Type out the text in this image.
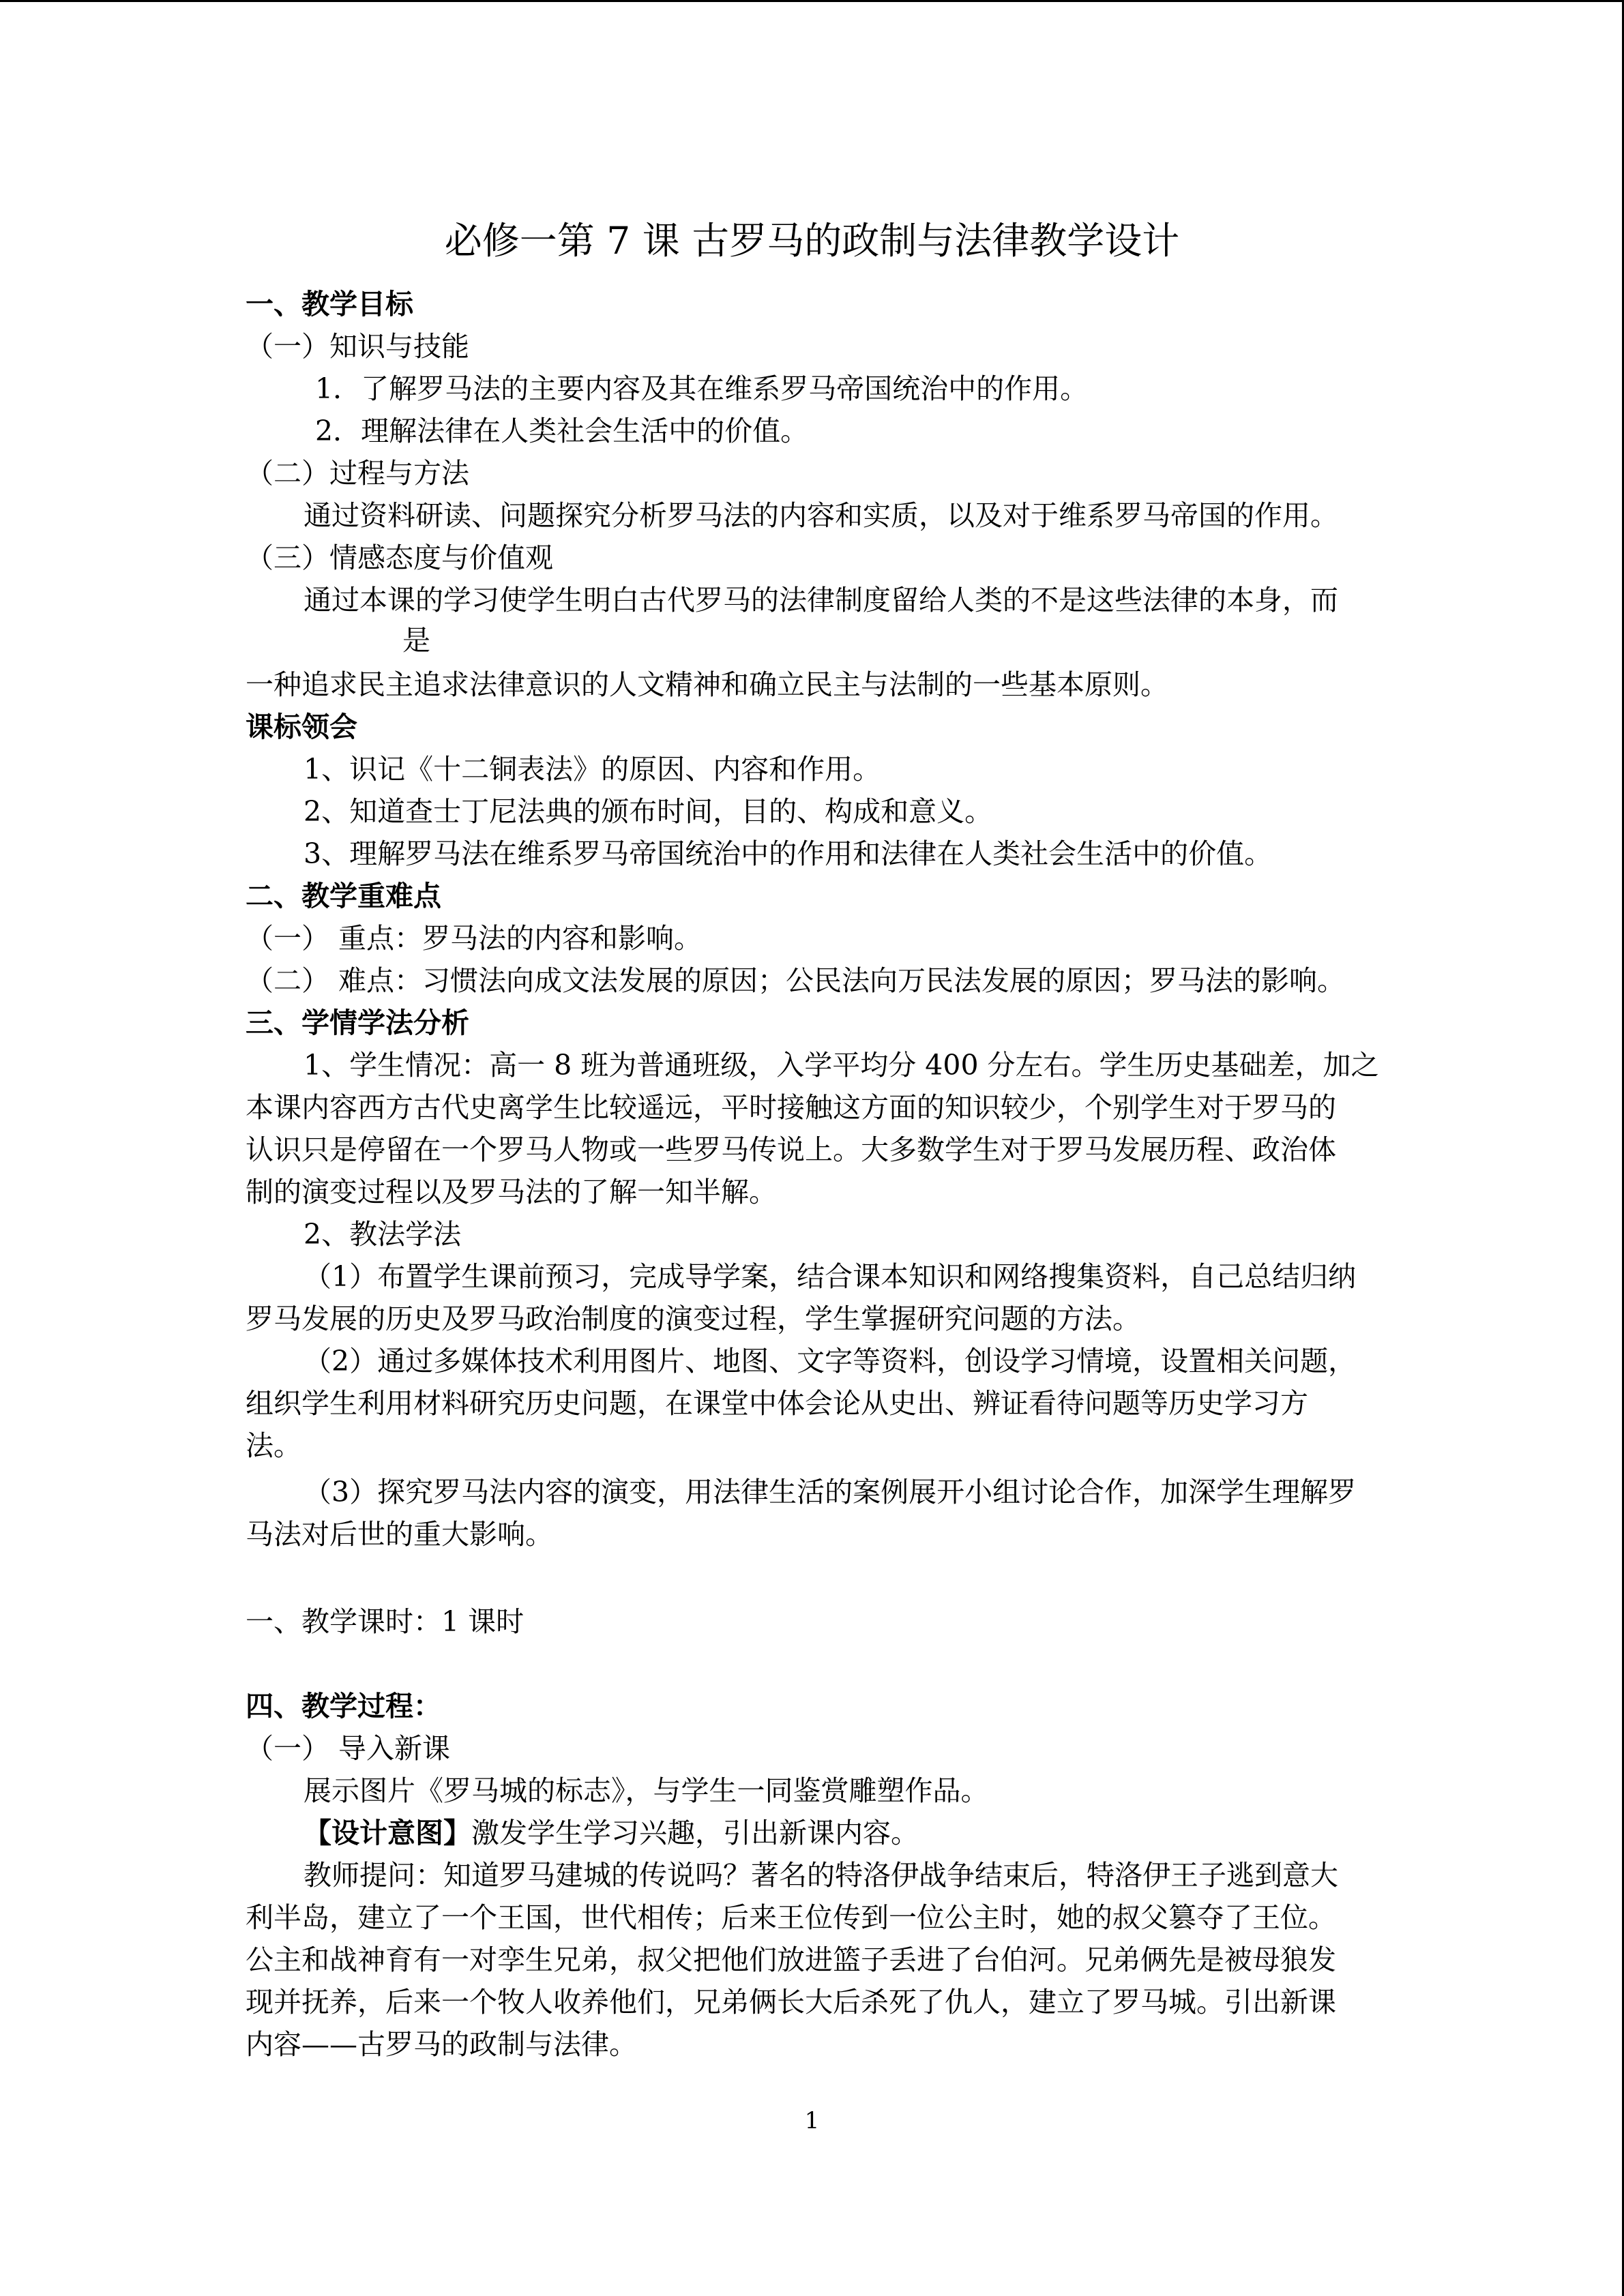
必修一第 7 课 古罗马的政制与法律教学设计
一、教学目标
（一）知识与技能
1．了解罗马法的主要内容及其在维系罗马帝国统治中的作用。
2．理解法律在人类社会生活中的价值。
（二）过程与方法
通过资料研读、问题探究分析罗马法的内容和实质，以及对于维系罗马帝国的作用。
（三）情感态度与价值观
通过本课的学习使学生明白古代罗马的法律制度留给人类的不是这些法律的本身，而
是
一种追求民主追求法律意识的人文精神和确立民主与法制的一些基本原则。
课标领会
1、识记《十二铜表法》的原因、内容和作用。
2、知道查士丁尼法典的颁布时间，目的、构成和意义。
3、理解罗马法在维系罗马帝国统治中的作用和法律在人类社会生活中的价值。
二、教学重难点
（一） 重点：罗马法的内容和影响。
（二） 难点：习惯法向成文法发展的原因；公民法向万民法发展的原因；罗马法的影响。
三、学情学法分析
1、学生情况：高一 8 班为普通班级，入学平均分 400 分左右。学生历史基础差，加之
本课内容西方古代史离学生比较遥远，平时接触这方面的知识较少，个别学生对于罗马的
认识只是停留在一个罗马人物或一些罗马传说上。大多数学生对于罗马发展历程、政治体
制的演变过程以及罗马法的了解一知半解。
2、教法学法
（1）布置学生课前预习，完成导学案，结合课本知识和网络搜集资料，自己总结归纳
罗马发展的历史及罗马政治制度的演变过程，学生掌握研究问题的方法。
（2）通过多媒体技术利用图片、地图、文字等资料，创设学习情境，设置相关问题，
组织学生利用材料研究历史问题，在课堂中体会论从史出、辨证看待问题等历史学习方
法。
（3）探究罗马法内容的演变，用法律生活的案例展开小组讨论合作，加深学生理解罗
马法对后世的重大影响。
一、教学课时：1 课时
四、教学过程：
（一） 导入新课
展示图片《罗马城的标志》，与学生一同鉴赏雕塑作品。
【设计意图】激发学生学习兴趣，引出新课内容。
教师提问：知道罗马建城的传说吗？著名的特洛伊战争结束后，特洛伊王子逃到意大
利半岛，建立了一个王国，世代相传；后来王位传到一位公主时，她的叔父篡夺了王位。
公主和战神育有一对孪生兄弟，叔父把他们放进篮子丢进了台伯河。兄弟俩先是被母狼发
现并抚养，后来一个牧人收养他们，兄弟俩长大后杀死了仇人，建立了罗马城。引出新课
内容——古罗马的政制与法律。
1
